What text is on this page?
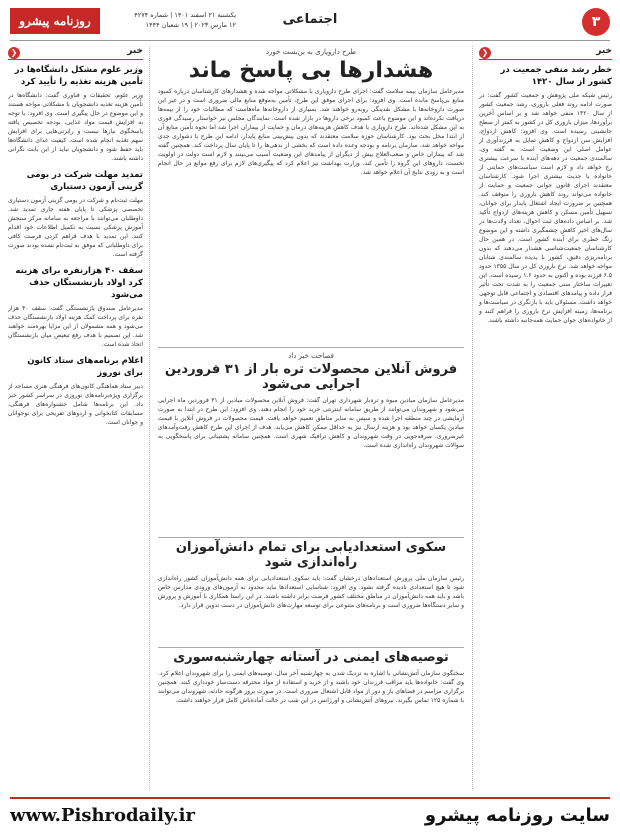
۳
اجتماعی
روزنامه پیشرو	یکشنبه ۲۱ اسفند ۱۴۰۱ | شماره ۴۲۷۴
۱۲ مارس ۲۰۲۳ | ۱۹ شعبان ۱۴۴۴
خبر
❮
خطر رشد منفی جمعیت در کشور از سال ۱۴۲۰
رئیس شبکه ملی پژوهش و جمعیت کشور گفت: در صورت ادامه روند فعلی باروری، رشد جمعیت کشور از سال ۱۴۲۰ منفی خواهد شد و بر اساس آخرین برآوردها، میزان باروری کل در کشور به کمتر از سطح جانشینی رسیده است. وی افزود: کاهش ازدواج، افزایش سن ازدواج و کاهش تمایل به فرزندآوری از عوامل اصلی این وضعیت است. به گفته وی، سالمندی جمعیت در دهه‌های آینده با سرعت بیشتری رخ خواهد داد و لازم است سیاست‌های حمایتی از خانواده با جدیت بیشتری اجرا شود. کارشناسان معتقدند اجرای قانون جوانی جمعیت و حمایت از خانواده می‌تواند روند کاهش باروری را متوقف کند. همچنین بر ضرورت ایجاد اشتغال پایدار برای جوانان، تسهیل تأمین مسکن و کاهش هزینه‌های ازدواج تأکید شد. بر اساس داده‌های ثبت احوال، تعداد ولادت‌ها در سال‌های اخیر کاهش چشمگیری داشته و این موضوع زنگ خطری برای آینده کشور است. در همین حال کارشناسان جمعیت‌شناسی هشدار می‌دهند که بدون برنامه‌ریزی دقیق، کشور با پدیده سالمندی شتابان مواجه خواهد شد. نرخ باروری کل در سال ۱۳۵۵ حدود ۶.۵ فرزند بوده و اکنون به حدود ۱.۶ رسیده است. این تغییرات ساختار سنی جمعیت را به شدت تحت تأثیر قرار داده و پیامدهای اقتصادی و اجتماعی قابل توجهی خواهد داشت. مسئولان باید با بازنگری در سیاست‌ها و برنامه‌ها، زمینه افزایش نرخ باروری را فراهم کنند و از خانواده‌های جوان حمایت همه‌جانبه داشته باشند.
خبر
❮
وزیر علوم مشکل دانشگاه‌ها در تأمین هزینه تغذیه را تأیید کرد
وزیر علوم، تحقیقات و فناوری گفت: دانشگاه‌ها در تأمین هزینه تغذیه دانشجویان با مشکلاتی مواجه هستند و این موضوع در حال پیگیری است. وی افزود: با توجه به افزایش قیمت مواد غذایی، بودجه تخصیص یافته پاسخگوی نیازها نیست و رایزنی‌هایی برای افزایش سهم تغذیه انجام شده است. کیفیت غذای دانشگاه‌ها باید حفظ شود و دانشجویان نباید از این بابت نگرانی داشته باشند.
تمدید مهلت شرکت در بومی گزینی آزمون دستیاری
مهلت ثبت‌نام و شرکت در بومی گزینی آزمون دستیاری تخصصی پزشکی تا پایان هفته جاری تمدید شد. داوطلبان می‌توانند با مراجعه به سامانه مرکز سنجش آموزش پزشکی نسبت به تکمیل اطلاعات خود اقدام کنند. این تمدید با هدف فراهم کردن فرصت کافی برای داوطلبانی که موفق به ثبت‌نام نشده بودند صورت گرفته است.
سقف ۴۰ هزارنفره برای هزینه کرد اولاد بازنشستگان حذف می‌شود
مدیرعامل صندوق بازنشستگی گفت: سقف ۴۰ هزار نفره برای پرداخت کمک هزینه اولاد بازنشستگان حذف می‌شود و همه مشمولان از این مزایا بهره‌مند خواهند شد. این تصمیم با هدف رفع تبعیض میان بازنشستگان اتخاذ شده است.
اعلام برنامه‌های ستاد کانون برای نوروز
دبیر ستاد هماهنگی کانون‌های فرهنگی هنری مساجد از برگزاری ویژه‌برنامه‌های نوروزی در سراسر کشور خبر داد. این برنامه‌ها شامل جشنواره‌های فرهنگی، مسابقات کتابخوانی و اردوهای تفریحی برای نوجوانان و جوانان است.
طرح دارویاری به بن‌بست خورد
هشدارها بی پاسخ ماند
مدیرعامل سازمان بیمه سلامت گفت: اجرای طرح دارویاری با مشکلاتی مواجه شده و هشدارهای کارشناسان درباره کمبود منابع بی‌پاسخ مانده است. وی افزود: برای اجرای موفق این طرح، تأمین به‌موقع منابع مالی ضروری است و در غیر این صورت داروخانه‌ها با مشکل نقدینگی روبه‌رو خواهند شد. بسیاری از داروخانه‌ها ماه‌هاست که مطالبات خود را از بیمه‌ها دریافت نکرده‌اند و این موضوع باعث کمبود برخی داروها در بازار شده است. نمایندگان مجلس نیز خواستار رسیدگی فوری به این مشکل شده‌اند. طرح دارویاری با هدف کاهش هزینه‌های درمان و حمایت از بیماران اجرا شد اما نحوه تأمین منابع آن از ابتدا محل بحث بود. کارشناسان حوزه سلامت معتقدند که بدون پیش‌بینی منابع پایدار، ادامه این طرح با دشواری جدی مواجه خواهد شد. سازمان برنامه و بودجه وعده داده است که بخشی از بدهی‌ها را تا پایان سال پرداخت کند. همچنین گفته شد که بیماران خاص و صعب‌العلاج بیش از دیگران از پیامدهای این وضعیت آسیب می‌بینند و لازم است دولت در اولویت نخست، داروهای این گروه را تأمین کند. وزارت بهداشت نیز اعلام کرد که پیگیری‌های لازم برای رفع موانع در حال انجام است و به زودی نتایج آن اعلام خواهد شد.
فصاحت خبر داد
فروش آنلاین محصولات تره بار از ۳۱ فروردین اجرایی می‌شود
مدیرعامل سازمان میادین میوه و تره‌بار شهرداری تهران گفت: فروش آنلاین محصولات میادین از ۳۱ فروردین ماه اجرایی می‌شود و شهروندان می‌توانند از طریق سامانه اینترنتی خرید خود را انجام دهند. وی افزود: این طرح در ابتدا به صورت آزمایشی در چند منطقه اجرا شده و سپس به سایر مناطق تعمیم خواهد یافت. قیمت محصولات در فروش آنلاین با قیمت میادین یکسان خواهد بود و هزینه ارسال نیز به حداقل ممکن کاهش می‌یابد. هدف از اجرای این طرح کاهش رفت‌وآمدهای غیرضروری، صرفه‌جویی در وقت شهروندان و کاهش ترافیک شهری است. همچنین سامانه پشتیبانی برای پاسخگویی به سوالات شهروندان راه‌اندازی شده است.
سکوی استعدادیابی برای تمام دانش‌آموزان راه‌اندازی شود
رئیس سازمان ملی پرورش استعدادهای درخشان گفت: باید سکوی استعدادیابی برای همه دانش‌آموزان کشور راه‌اندازی شود تا هیچ استعدادی نادیده گرفته نشود. وی افزود: شناسایی استعدادها نباید محدود به آزمون‌های ورودی مدارس خاص باشد و باید همه دانش‌آموزان در مناطق مختلف کشور فرصت برابر داشته باشند. در این راستا همکاری با آموزش و پرورش و سایر دستگاه‌ها ضروری است و برنامه‌های متنوعی برای توسعه مهارت‌های دانش‌آموزان در دست تدوین قرار دارد.
توصیه‌های ایمنی در آستانه چهارشنبه‌سوری
سخنگوی سازمان آتش‌نشانی با اشاره به نزدیک شدن به چهارشنبه آخر سال، توصیه‌های ایمنی را برای شهروندان اعلام کرد. وی گفت: خانواده‌ها باید مراقب فرزندان خود باشند و از خرید و استفاده از مواد محترقه دست‌ساز خودداری کنند. همچنین برگزاری مراسم در فضاهای باز و دور از مواد قابل اشتعال ضروری است. در صورت بروز هرگونه حادثه، شهروندان می‌توانند با شماره ۱۲۵ تماس بگیرند. نیروهای آتش‌نشانی و اورژانس در این شب در حالت آماده‌باش کامل قرار خواهند داشت.
www.Pishrodaily.ir	سایت روزنامه پیشرو
